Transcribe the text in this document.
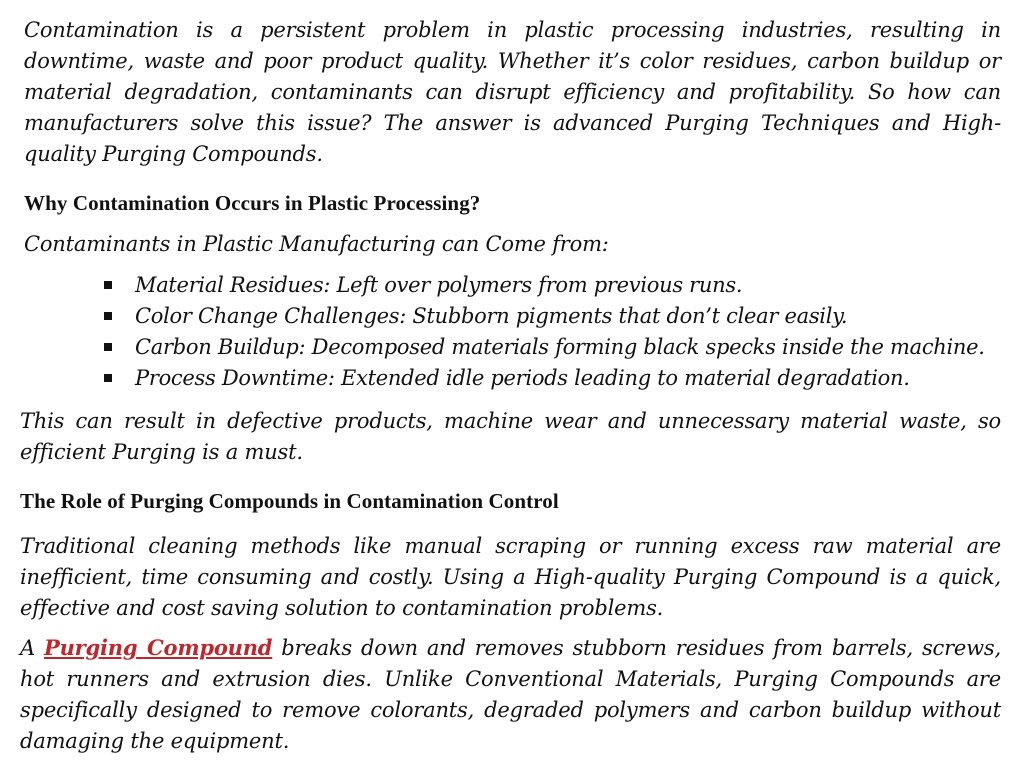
Contamination is a persistent problem in plastic processing industries, resulting in downtime, waste and poor product quality. Whether it’s color residues, carbon buildup or material degradation, contaminants can disrupt efficiency and profitability. So how can manufacturers solve this issue? The answer is advanced Purging Techniques and High-quality Purging Compounds.

Why Contamination Occurs in Plastic Processing?

Contaminants in Plastic Manufacturing can Come from:

Material Residues: Left over polymers from previous runs.
Color Change Challenges: Stubborn pigments that don’t clear easily.
Carbon Buildup: Decomposed materials forming black specks inside the machine.
Process Downtime: Extended idle periods leading to material degradation.

This can result in defective products, machine wear and unnecessary material waste, so efficient Purging is a must.

The Role of Purging Compounds in Contamination Control

Traditional cleaning methods like manual scraping or running excess raw material are inefficient, time consuming and costly. Using a High-quality Purging Compound is a quick, effective and cost saving solution to contamination problems.

A Purging Compound breaks down and removes stubborn residues from barrels, screws, hot runners and extrusion dies. Unlike Conventional Materials, Purging Compounds are specifically designed to remove colorants, degraded polymers and carbon buildup without damaging the equipment.
